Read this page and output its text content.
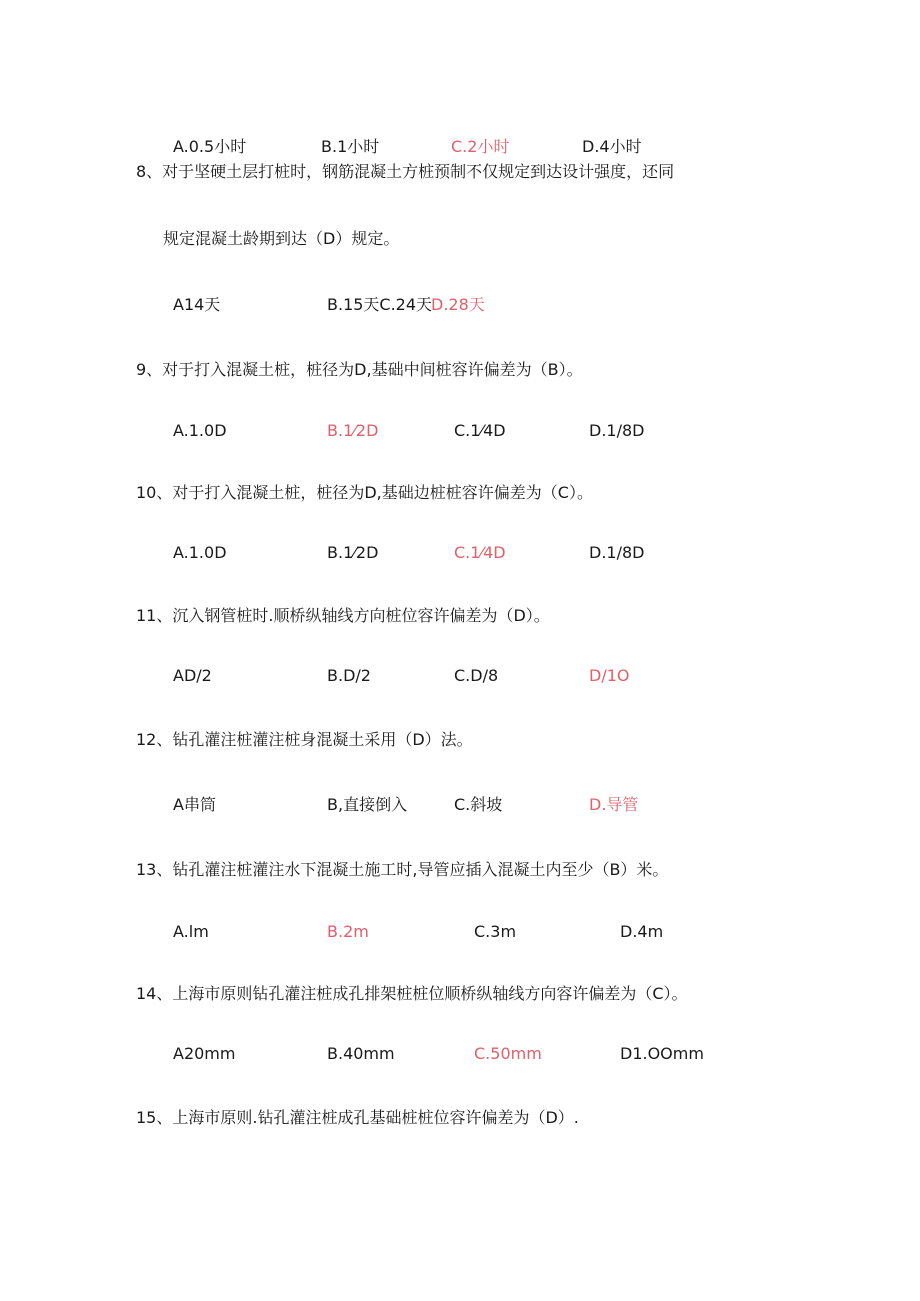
A.0.5小时	B.1小时	C.2小时	D.4小时
8、对于坚硬土层打桩时，钢筋混凝土方桩预制不仅规定到达设计强度，还同
规定混凝土龄期到达（D）规定。
A14天	B.15天C.24天
D.28天
9、对于打入混凝土桩，桩径为D,基础中间桩容许偏差为（B）。
A.1.0D	B.1⁄2D	C.1⁄4D	D.1/8D
10、对于打入混凝土桩，桩径为D,基础边桩桩容许偏差为（C）。
A.1.0D	B.1⁄2D	C.1⁄4D	D.1/8D
11、沉入钢管桩时.顺桥纵轴线方向桩位容许偏差为（D）。
AD/2	B.D/2	C.D/8	D/1O
12、钻孔灌注桩灌注桩身混凝土采用（D）法。
A串筒	B,直接倒入	C.斜坡	D.导管
13、钻孔灌注桩灌注水下混凝土施工时,导管应插入混凝土内至少（B）米。
A.lm	B.2m	C.3m	D.4m
14、上海市原则钻孔灌注桩成孔排架桩桩位顺桥纵轴线方向容许偏差为（C）。
A20mm	B.40mm	C.50mm	D1.OOmm
15、上海市原则.钻孔灌注桩成孔基础桩桩位容许偏差为（D）.
